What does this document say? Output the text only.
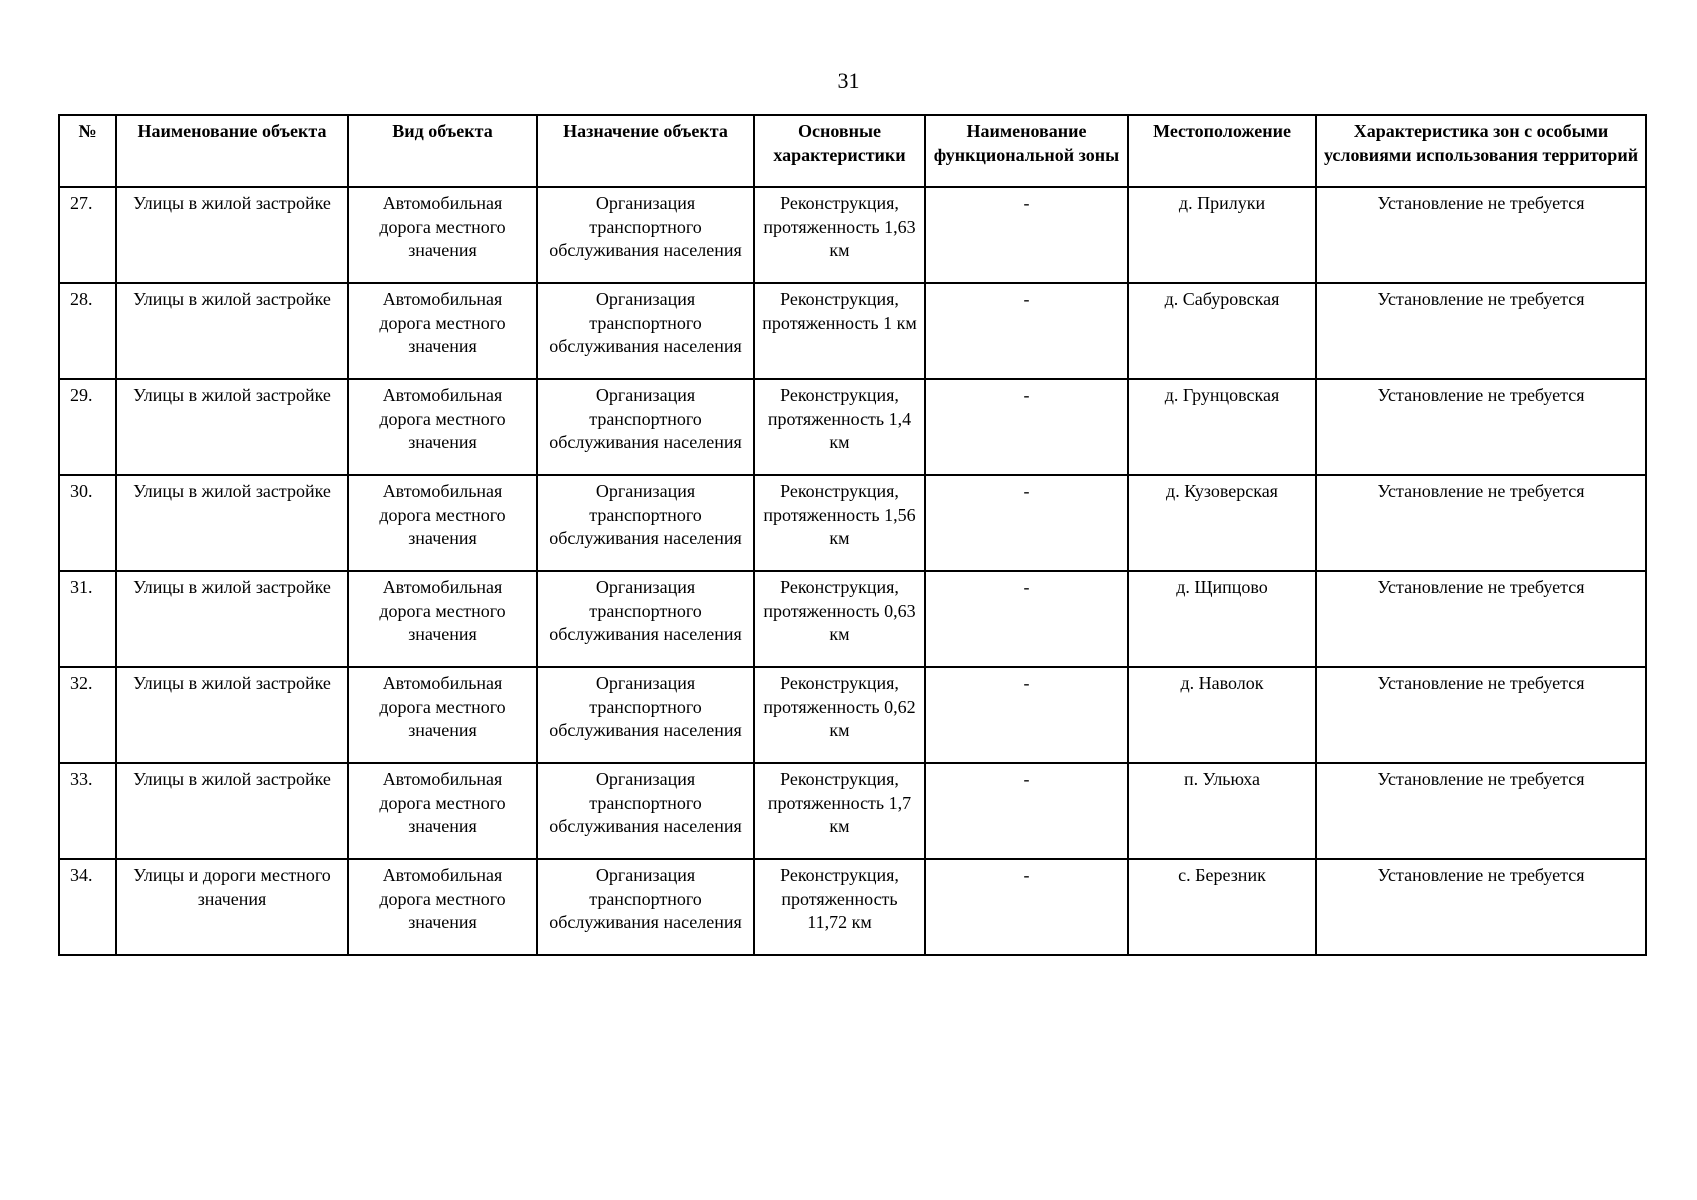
31
№	Наименование объекта	Вид объекта	Назначение объекта	Основные характеристики	Наименование функциональной зоны	Местоположение	Характеристика зон с особыми условиями использования территорий
27.	Улицы в жилой застройке	Автомобильная дорога местного значения	Организация транспортного обслуживания населения	Реконструкция, протяженность 1,63 км	-	д. Прилуки	Установление не требуется
28.	Улицы в жилой застройке	Автомобильная дорога местного значения	Организация транспортного обслуживания населения	Реконструкция, протяженность 1 км	-	д. Сабуровская	Установление не требуется
29.	Улицы в жилой застройке	Автомобильная дорога местного значения	Организация транспортного обслуживания населения	Реконструкция, протяженность 1,4 км	-	д. Грунцовская	Установление не требуется
30.	Улицы в жилой застройке	Автомобильная дорога местного значения	Организация транспортного обслуживания населения	Реконструкция, протяженность 1,56 км	-	д. Кузоверская	Установление не требуется
31.	Улицы в жилой застройке	Автомобильная дорога местного значения	Организация транспортного обслуживания населения	Реконструкция, протяженность 0,63 км	-	д. Щипцово	Установление не требуется
32.	Улицы в жилой застройке	Автомобильная дорога местного значения	Организация транспортного обслуживания населения	Реконструкция, протяженность 0,62 км	-	д. Наволок	Установление не требуется
33.	Улицы в жилой застройке	Автомобильная дорога местного значения	Организация транспортного обслуживания населения	Реконструкция, протяженность 1,7 км	-	п. Ульюха	Установление не требуется
34.	Улицы и дороги местного значения	Автомобильная дорога местного значения	Организация транспортного обслуживания населения	Реконструкция, протяженность 11,72 км	-	с. Березник	Установление не требуется
